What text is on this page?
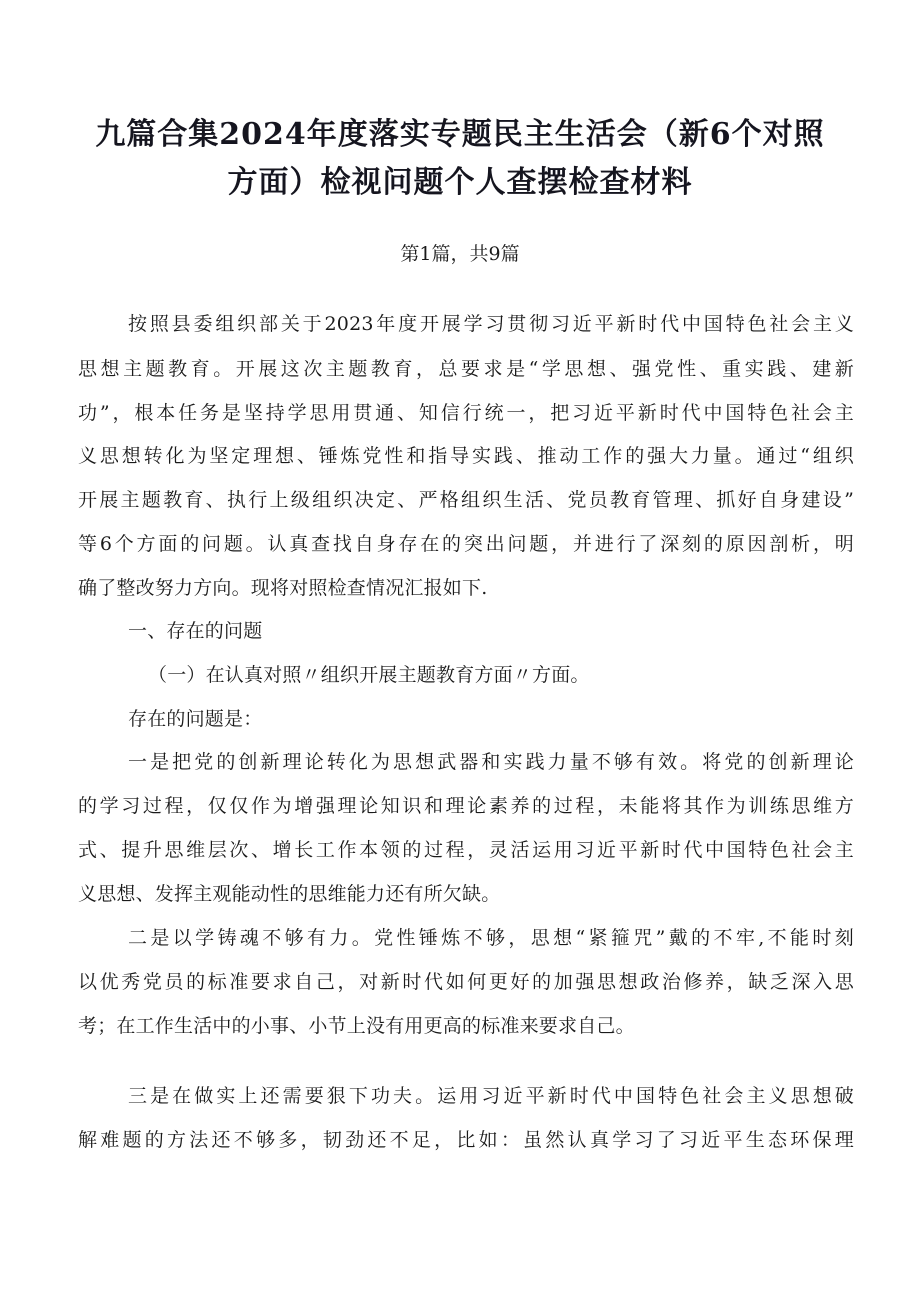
九篇合集2024年度落实专题民主生活会（新6个对照
方面）检视问题个人查摆检查材料
第1篇，共9篇
按照县委组织部关于2023年度开展学习贯彻习近平新时代中国特色社会主义
思想主题教育。开展这次主题教育，总要求是“学思想、强党性、重实践、建新
功”，根本任务是坚持学思用贯通、知信行统一，把习近平新时代中国特色社会主
义思想转化为坚定理想、锤炼党性和指导实践、推动工作的强大力量。通过“组织
开展主题教育、执行上级组织决定、严格组织生活、党员教育管理、抓好自身建设”
等6个方面的问题。认真查找自身存在的突出问题，并进行了深刻的原因剖析，明
确了整改努力方向。现将对照检查情况汇报如下.
一、存在的问题
（一）在认真对照〃组织开展主题教育方面〃方面。
存在的问题是：
一是把党的创新理论转化为思想武器和实践力量不够有效。将党的创新理论
的学习过程，仅仅作为增强理论知识和理论素养的过程，未能将其作为训练思维方
式、提升思维层次、增长工作本领的过程，灵活运用习近平新时代中国特色社会主
义思想、发挥主观能动性的思维能力还有所欠缺。
二是以学铸魂不够有力。党性锤炼不够，思想“紧箍咒”戴的不牢,不能时刻
以优秀党员的标准要求自己，对新时代如何更好的加强思想政治修养，缺乏深入思
考；在工作生活中的小事、小节上没有用更高的标准来要求自己。
三是在做实上还需要狠下功夫。运用习近平新时代中国特色社会主义思想破
解难题的方法还不够多，韧劲还不足，比如：虽然认真学习了习近平生态环保理
